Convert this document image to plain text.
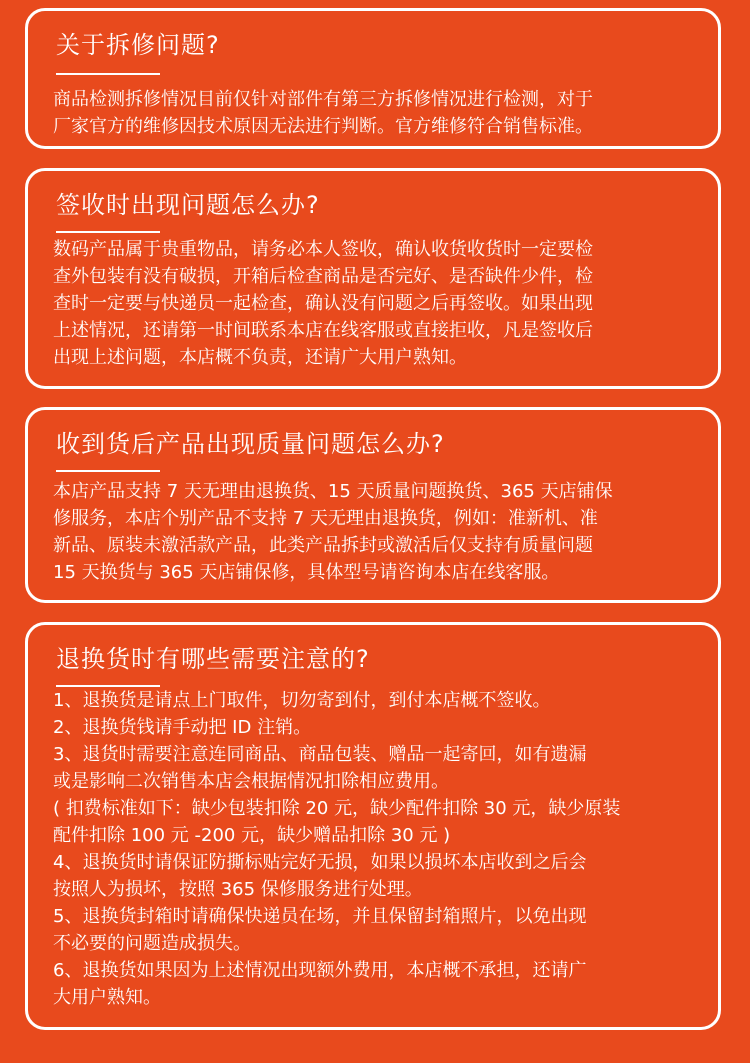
关于拆修问题?

商品检测拆修情况目前仅针对部件有第三方拆修情况进行检测，对于

厂家官方的维修因技术原因无法进行判断。官方维修符合销售标准。

签收时出现问题怎么办?

数码产品属于贵重物品，请务必本人签收，确认收货收货时一定要检

查外包装有没有破损，开箱后检查商品是否完好、是否缺件少件，检

查时一定要与快递员一起检查，确认没有问题之后再签收。如果出现

上述情况，还请第一时间联系本店在线客服或直接拒收，凡是签收后

出现上述问题，本店概不负责，还请广大用户熟知。

收到货后产品出现质量问题怎么办?

本店产品支持 7 天无理由退换货、15 天质量问题换货、365 天店铺保

修服务，本店个别产品不支持 7 天无理由退换货，例如：准新机、准

新品、原装未激活款产品，此类产品拆封或激活后仅支持有质量问题

15 天换货与 365 天店铺保修，具体型号请咨询本店在线客服。

退换货时有哪些需要注意的?

1、退换货是请点上门取件，切勿寄到付，到付本店概不签收。

2、退换货钱请手动把 ID 注销。

3、退货时需要注意连同商品、商品包装、赠品一起寄回，如有遗漏

或是影响二次销售本店会根据情况扣除相应费用。

( 扣费标准如下：缺少包装扣除 20 元，缺少配件扣除 30 元，缺少原装

配件扣除 100 元 -200 元，缺少赠品扣除 30 元 )

4、退换货时请保证防撕标贴完好无损，如果以损坏本店收到之后会

按照人为损坏，按照 365 保修服务进行处理。

5、退换货封箱时请确保快递员在场，并且保留封箱照片，以免出现

不必要的问题造成损失。

6、退换货如果因为上述情况出现额外费用，本店概不承担，还请广

大用户熟知。
